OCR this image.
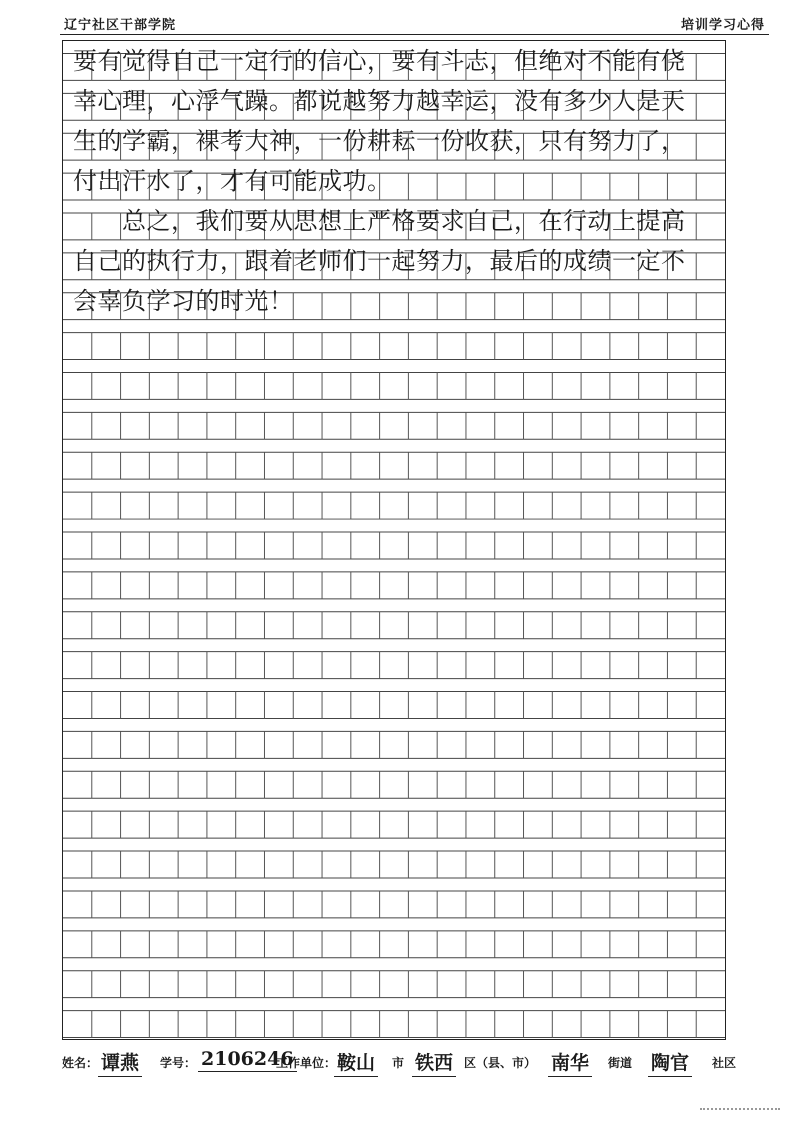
辽宁社区干部学院	培训学习心得
要有觉得自己一定行的信心，要有斗志，但绝对不能有侥
幸心理，心浮气躁。都说越努力越幸运，没有多少人是天
生的学霸，裸考大神，一份耕耘一份收获，只有努力了，
付出汗水了，才有可能成功。
　　总之，我们要从思想上严格要求自己，在行动上提高
自己的执行力，跟着老师们一起努力，最后的成绩一定不
会辜负学习的时光！
姓名： 谭燕 学号： 2106246
工作单位： 鞍山 市 铁西 区（县、市） 南华 街道 陶官 社区
